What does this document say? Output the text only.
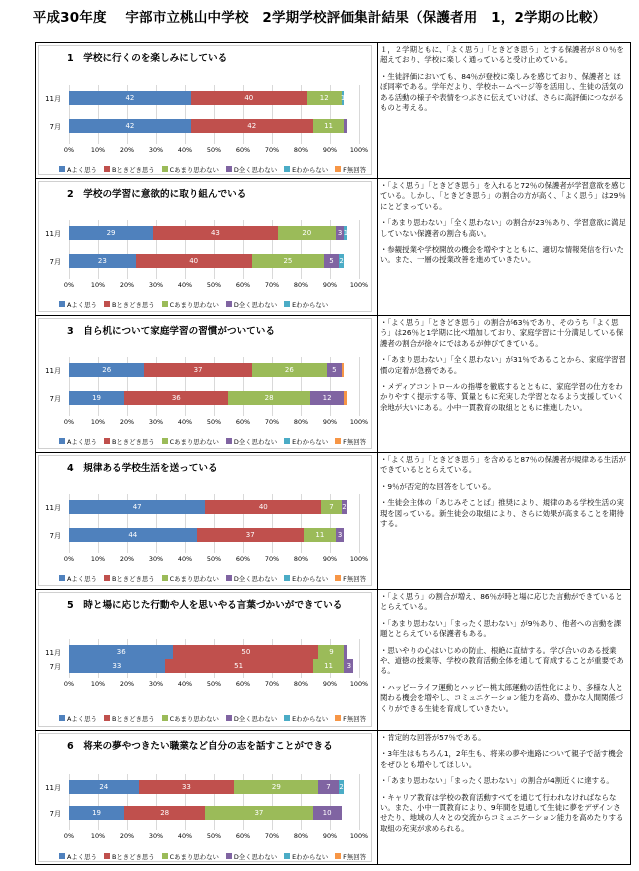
平成30年度　 宇部市立桃山中学校　2学期学校評価集計結果（保護者用　1，2学期の比較）
1　学校に行くのを楽しみにしている
11月	42	40	12	1
7月	42	42	11
0%	10% 20% 30% 40% 50% 60% 70% 80% 90% 100%
Aよく思う Bときどき思う Cあまり思わない D全く思わない Eわからない F無回答

１，２学期ともに、「よく思う」「ときどき思う」とする保護者が８０％を超えており、学校に楽しく通っていると受け止めている。

・生徒評価においても、84％が登校に楽しみを感じており、保護者と ほぼ同率である。学年だより、学校ホームページ等を活用し、生徒の活気のある活動の様子や表情をつぶさに伝えていけば、さらに高評価につながるものと考える。

2　学校の学習に意欲的に取り組んでいる
11月	29	43	20	3 1
7月	23	40	25	5 2
0%	10% 20% 30% 40% 50% 60% 70% 80% 90% 100%
Aよく思う Bときどき思う Cあまり思わない D全く思わない Eわからない

・「よく思う」「ときどき思う」を入れると72％の保護者が学習意欲を感じている。しかし、「ときどき思う」の割合の方が高く、「よく思う」は29％にとどまっている。

・「あまり思わない」「全く思わない」の割合が23％あり、学習意欲に満足していない保護者の割合も高い。

・参観授業や学校開放の機会を増やすとともに、適切な情報発信を行いたい。また、一層の授業改善を進めていきたい。

3　自ら机について家庭学習の習慣がついている
11月	26	37	26	5
7月	19	36	28	12
0%	10% 20% 30% 40% 50% 60% 70% 80% 90% 100%
Aよく思う Bときどき思う Cあまり思わない D全く思わない Eわからない F無回答

・「よく思う」「ときどき思う」の割合が63％であり、そのうち「よく思う」は26％と1学期に比べ増加しており、家庭学習に十分満足している保護者の割合が徐々にではあるが伸びてきている。

・「あまり思わない」「全く思わない」が31％であることから、家庭学習習慣の定着が急務である。

・メディアコントロールの指導を徹底するとともに、家庭学習の仕方をわかりやすく提示する等、質量ともに充実した学習となるよう支援していく余地が大いにある。小中一貫教育の取組とともに推進したい。

4　規律ある学校生活を送っている
11月	47	40	7	2
7月	44	37	11	3
0%	10% 20% 30% 40% 50% 60% 70% 80% 90% 100%
Aよく思う Bときどき思う Cあまり思わない D全く思わない Eわからない F無回答

・「よく思う」「ときどき思う」を含めると87％の保護者が規律ある生活ができているととらえている。

・9％が否定的な回答をしている。

・生徒会主体の「あじみそことば」推奨により、規律のある学校生活の実現を図っている。新生徒会の取組により、さらに効果が高まることを期待する。

5　時と場に応じた行動や人を思いやる言葉づかいができている
11月	36	50	9
7月	33	51	11	3
0%	10% 20% 30% 40% 50% 60% 70% 80% 90% 100%
Aよく思う Bときどき思う Cあまり思わない D全く思わない Eわからない F無回答

・「よく思う」の割合が増え、86％が時と場に応じた言動ができているととらえている。

・「あまり思わない」「まったく思わない」が9％あり、他者への言動を課題ととらえている保護者もある。

・思いやりの心はいじめの防止、根絶に直結する。学び合いのある授業や、道徳の授業等、学校の教育活動全体を通して育成することが重要である。

・ハッピーライフ運動とハッピー桃太郎運動の活性化により、多様な人と関わる機会を増やし、コミュニケーション能力を高め、豊かな人間関係づくりができる生徒を育成していきたい。

6　将来の夢やつきたい職業など自分の志を話すことができる
11月	24	33	29	7	2
7月	19	28	37	10
0%	10% 20% 30% 40% 50% 60% 70% 80% 90% 100%
Aよく思う Bときどき思う Cあまり思わない D全く思わない Eわからない F無回答

・肯定的な回答が57％である。

・3年生はもちろん1，2年生も、将来の夢や進路について親子で話す機会をぜひとも増やしてほしい。

・「あまり思わない」「まったく思わない」の割合が4割近くに達する。

・キャリア教育は学校の教育活動すべてを通じて行われなければならない。また、小中一貫教育により、9年間を見通して生徒に夢をデザインさせたり、地域の人々との交流からコミュニケーション能力を高めたりする取組の充実が求められる。
